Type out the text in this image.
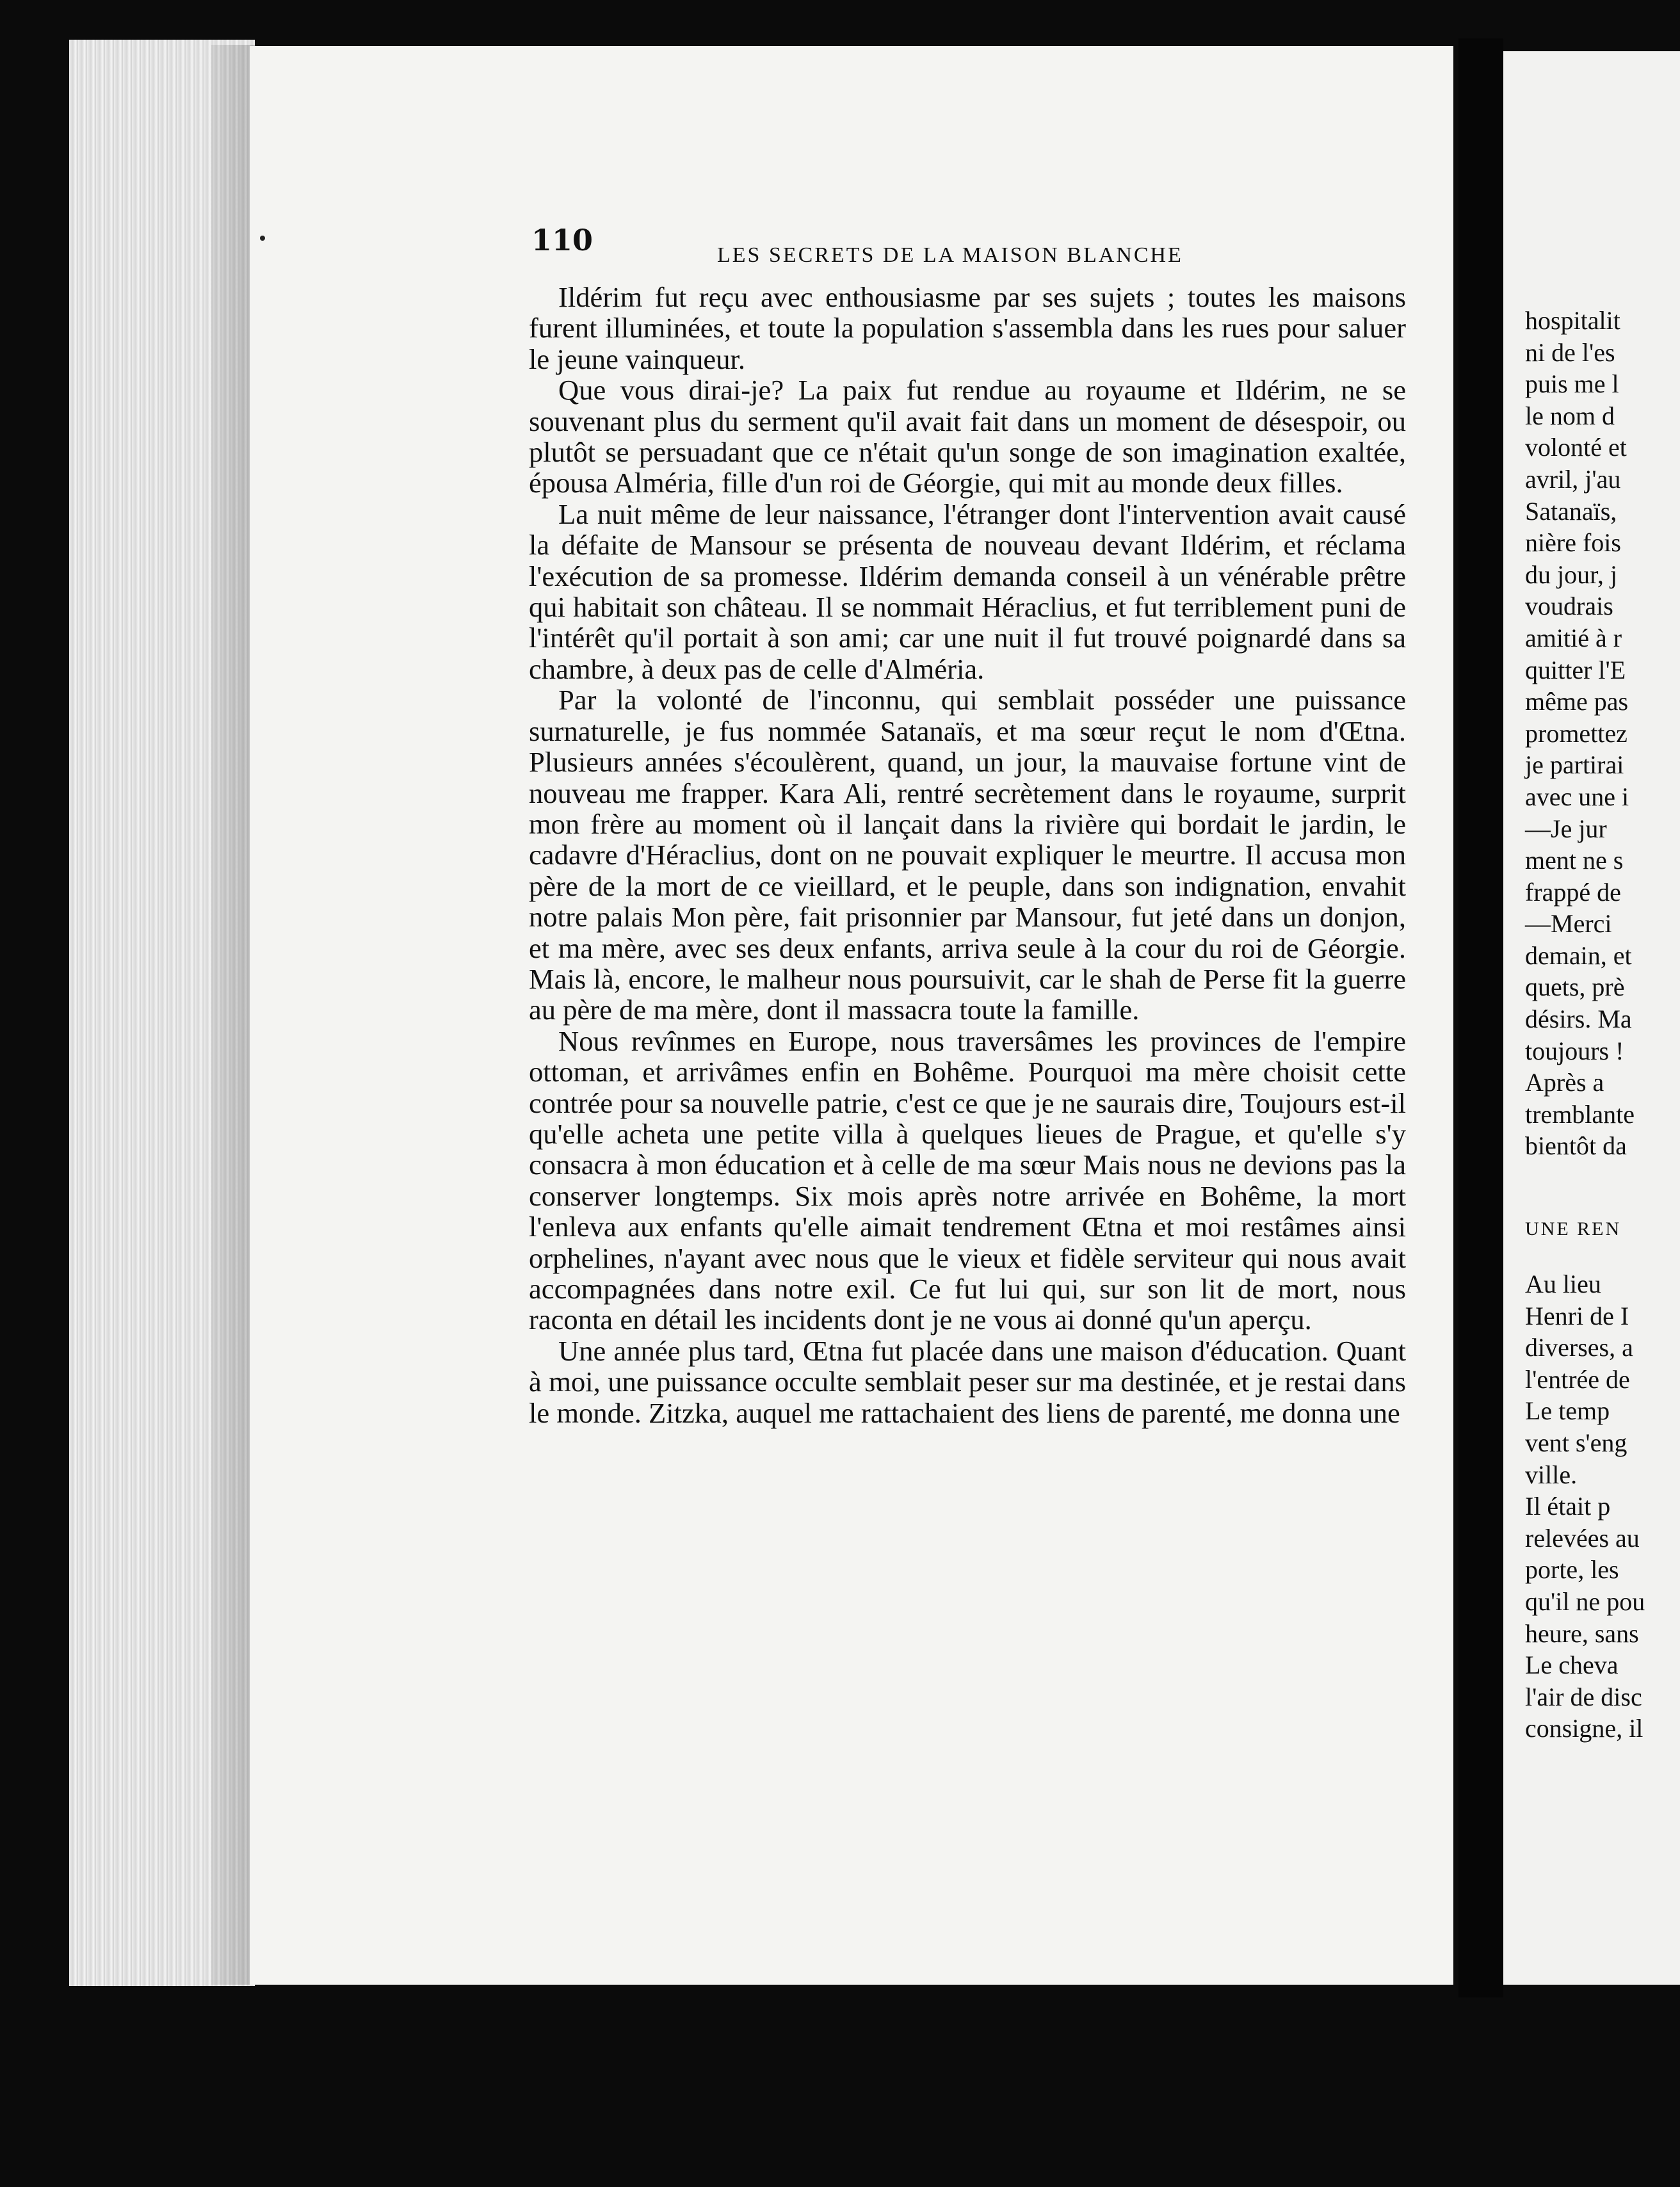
110	LES SECRETS DE LA MAISON BLANCHE

Ildérim fut reçu avec enthousiasme par ses sujets ; toutes les maisons furent illuminées, et toute la population s'assembla dans les rues pour saluer le jeune vainqueur.

Que vous dirai-je? La paix fut rendue au royaume et Ildérim, ne se souvenant plus du serment qu'il avait fait dans un moment de désespoir, ou plutôt se persuadant que ce n'était qu'un songe de son imagination exaltée, épousa Alméria, fille d'un roi de Géorgie, qui mit au monde deux filles.

La nuit même de leur naissance, l'étranger dont l'intervention avait causé la défaite de Mansour se présenta de nouveau devant Ildérim, et réclama l'exécution de sa promesse. Ildérim demanda conseil à un vénérable prêtre qui habitait son château. Il se nommait Héraclius, et fut terriblement puni de l'intérêt qu'il portait à son ami; car une nuit il fut trouvé poignardé dans sa chambre, à deux pas de celle d'Alméria.

Par la volonté de l'inconnu, qui semblait posséder une puissance surnaturelle, je fus nommée Satanaïs, et ma sœur reçut le nom d'Œtna. Plusieurs années s'écoulèrent, quand, un jour, la mauvaise fortune vint de nouveau me frapper. Kara Ali, rentré secrètement dans le royaume, surprit mon frère au moment où il lançait dans la rivière qui bordait le jardin, le cadavre d'Héraclius, dont on ne pouvait expliquer le meurtre. Il accusa mon père de la mort de ce vieillard, et le peuple, dans son indignation, envahit notre palais Mon père, fait prisonnier par Mansour, fut jeté dans un donjon, et ma mère, avec ses deux enfants, arriva seule à la cour du roi de Géorgie. Mais là, encore, le malheur nous poursuivit, car le shah de Perse fit la guerre au père de ma mère, dont il massacra toute la famille.

Nous revînmes en Europe, nous traversâmes les provinces de l'empire ottoman, et arrivâmes enfin en Bohême. Pourquoi ma mère choisit cette contrée pour sa nouvelle patrie, c'est ce que je ne saurais dire, Toujours est-il qu'elle acheta une petite villa à quelques lieues de Prague, et qu'elle s'y consacra à mon éducation et à celle de ma sœur Mais nous ne devions pas la conserver longtemps. Six mois après notre arrivée en Bohême, la mort l'enleva aux enfants qu'elle aimait tendrement Œtna et moi restâmes ainsi orphelines, n'ayant avec nous que le vieux et fidèle serviteur qui nous avait accompagnées dans notre exil. Ce fut lui qui, sur son lit de mort, nous raconta en détail les incidents dont je ne vous ai donné qu'un aperçu.

Une année plus tard, Œtna fut placée dans une maison d'éducation. Quant à moi, une puissance occulte semblait peser sur ma destinée, et je restai dans le monde. Zitzka, auquel me rattachaient des liens de parenté, me donna une

hospitalit
ni de l'es
puis me l
le nom d
volonté et
avril, j'au
Satanaïs,
nière fois
du jour, j
voudrais
amitié à r
quitter l'E
même pas
promettez
je partirai
avec une i
—Je jur
ment ne s
frappé de
—Merci
demain, et
quets, prè
désirs. Ma
toujours !
Après a
tremblante
bientôt da
UNE REN
Au lieu
Henri de I
diverses, a
l'entrée de
Le temp
vent s'eng
ville.
Il était p
relevées au
porte, les
qu'il ne pou
heure, sans
Le cheva
l'air de disc
consigne, il
